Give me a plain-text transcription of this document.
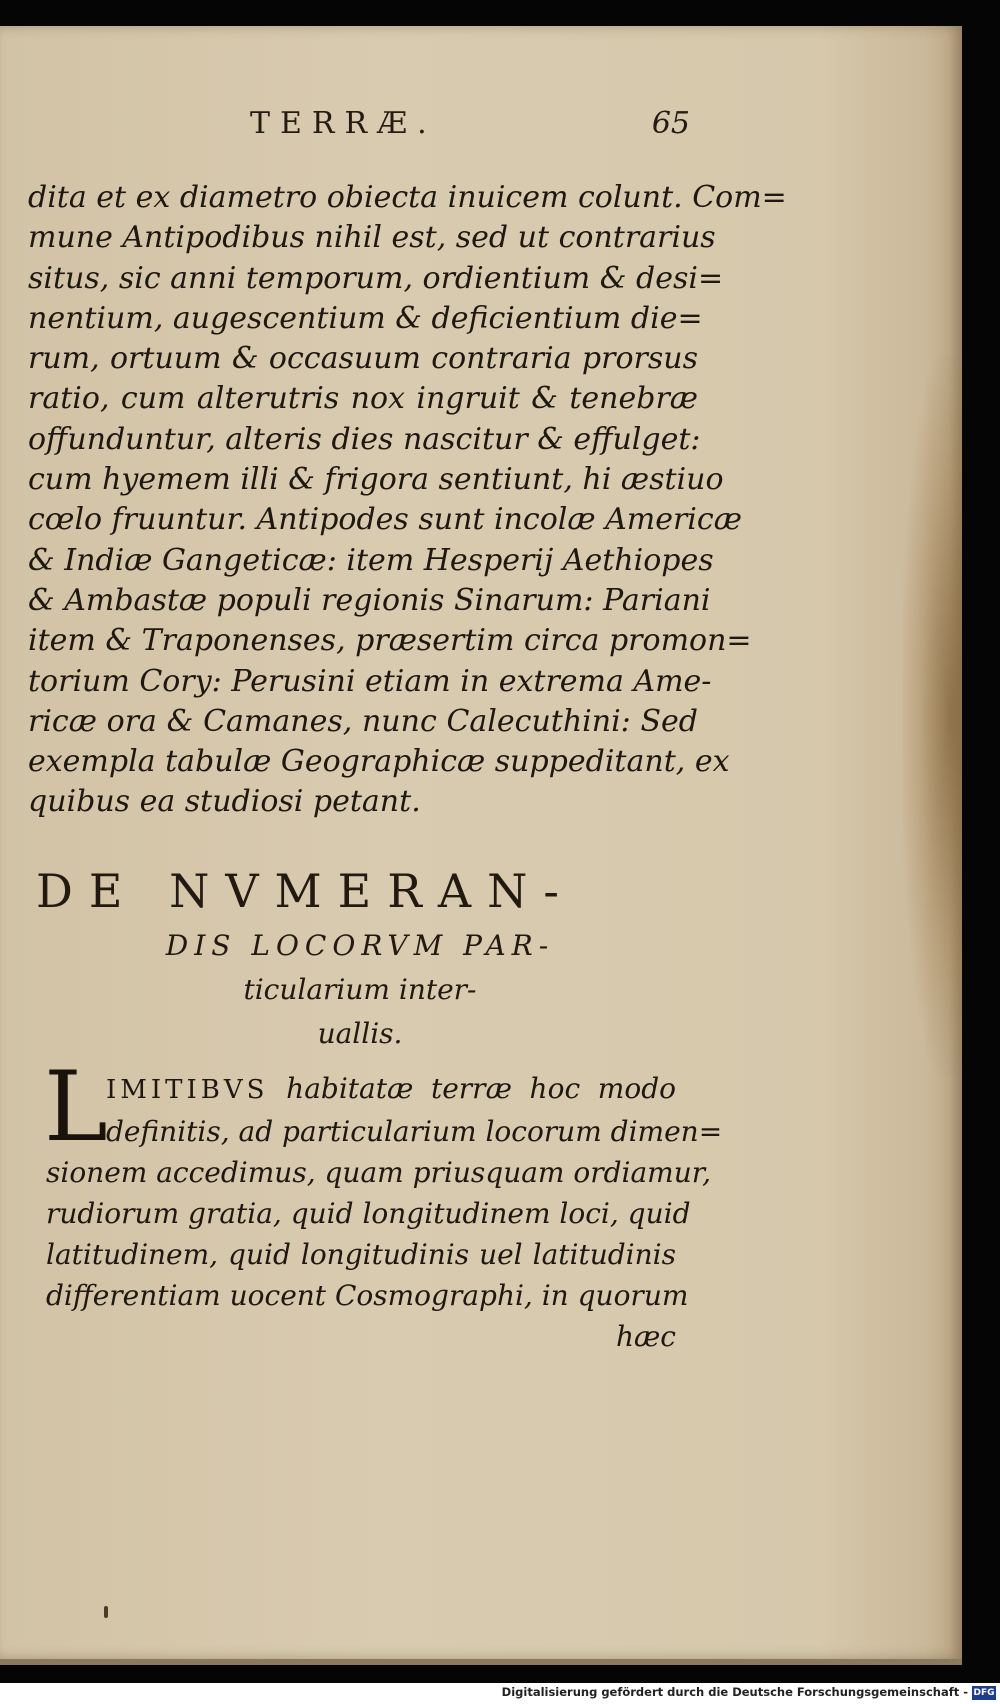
TERRÆ.	65
dita et ex diametro obiecta inuicem colunt. Com=
mune Antipodibus nihil est, sed ut contrarius
situs, sic anni temporum, ordientium & desi=
nentium, augescentium & deficientium die=
rum, ortuum & occasuum contraria prorsus
ratio, cum alterutris nox ingruit & tenebræ
offunduntur, alteris dies nascitur & effulget:
cum hyemem illi & frigora sentiunt, hi æstiuo
cœlo fruuntur. Antipodes sunt incolæ Americæ
& Indiæ Gangeticæ: item Hesperij Aethiopes
& Ambastæ populi regionis Sinarum: Pariani
item & Traponenses, præsertim circa promon=
torium Cory: Perusini etiam in extrema Ame-
ricæ ora & Camanes, nunc Calecuthini: Sed
exempla tabulæ Geographicæ suppeditant, ex
quibus ea studiosi petant.
DE NVMERAN-
DIS LOCORVM PAR-
ticularium inter-
uallis.
L
IMITIBVS habitatæ terræ hoc modo
definitis, ad particularium locorum dimen=
sionem accedimus, quam priusquam ordiamur,
rudiorum gratia, quid longitudinem loci, quid
latitudinem, quid longitudinis uel latitudinis
differentiam uocent Cosmographi, in quorum
hæc
Digitalisierung gefördert durch die Deutsche Forschungsgemeinschaft - DFG
